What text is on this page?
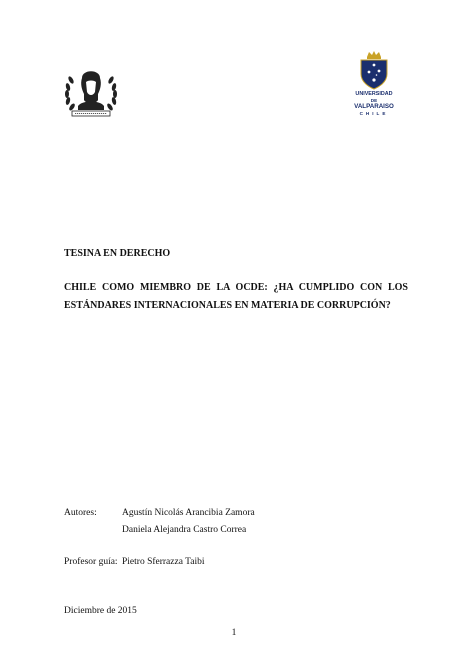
UNIVERSIDAD
DE
VALPARAISO
CHILE
TESINA EN DERECHO
CHILE COMO MIEMBRO DE LA OCDE: ¿HA CUMPLIDO CON LOS
ESTÁNDARES INTERNACIONALES EN MATERIA DE CORRUPCIÓN?
Autores:	Agustín Nicolás Arancibia Zamora
Daniela Alejandra Castro Correa
Profesor guía: Pietro Sferrazza Taibi
Diciembre de 2015
1
